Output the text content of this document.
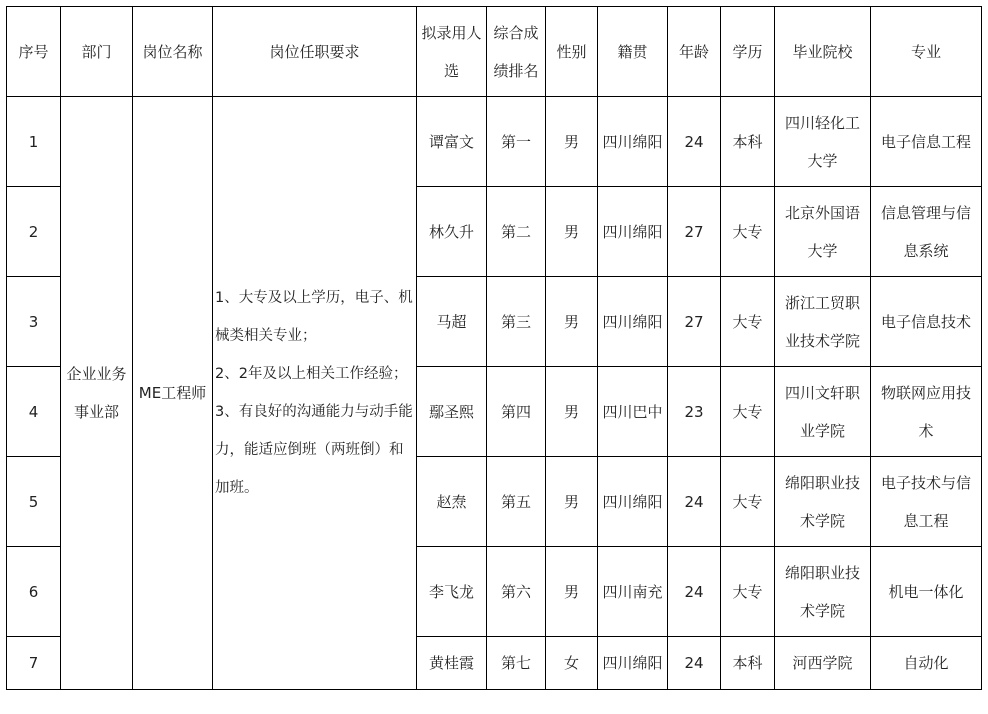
序号	部门	岗位名称	岗位任职要求	拟录用人选	综合成绩排名	性别	籍贯	年龄	学历	毕业院校	专业
1	企业业务事业部	ME工程师	1、大专及以上学历，电子、机械类相关专业；

2、2年及以上相关工作经验；

3、有良好的沟通能力与动手能力，能适应倒班（两班倒）和加班。	谭富文	第一	男	四川绵阳	24	本科	四川轻化工大学	电子信息工程
2				林久升	第二	男	四川绵阳	27	大专	北京外国语大学	信息管理与信息系统
3				马超	第三	男	四川绵阳	27	大专	浙江工贸职业技术学院	电子信息技术
4				鄢圣熙	第四	男	四川巴中	23	大专	四川文轩职业学院	物联网应用技术
5				赵焘	第五	男	四川绵阳	24	大专	绵阳职业技术学院	电子技术与信息工程
6				李飞龙	第六	男	四川南充	24	大专	绵阳职业技术学院	机电一体化
7				黄桂霞	第七	女	四川绵阳	24	本科	河西学院	自动化
